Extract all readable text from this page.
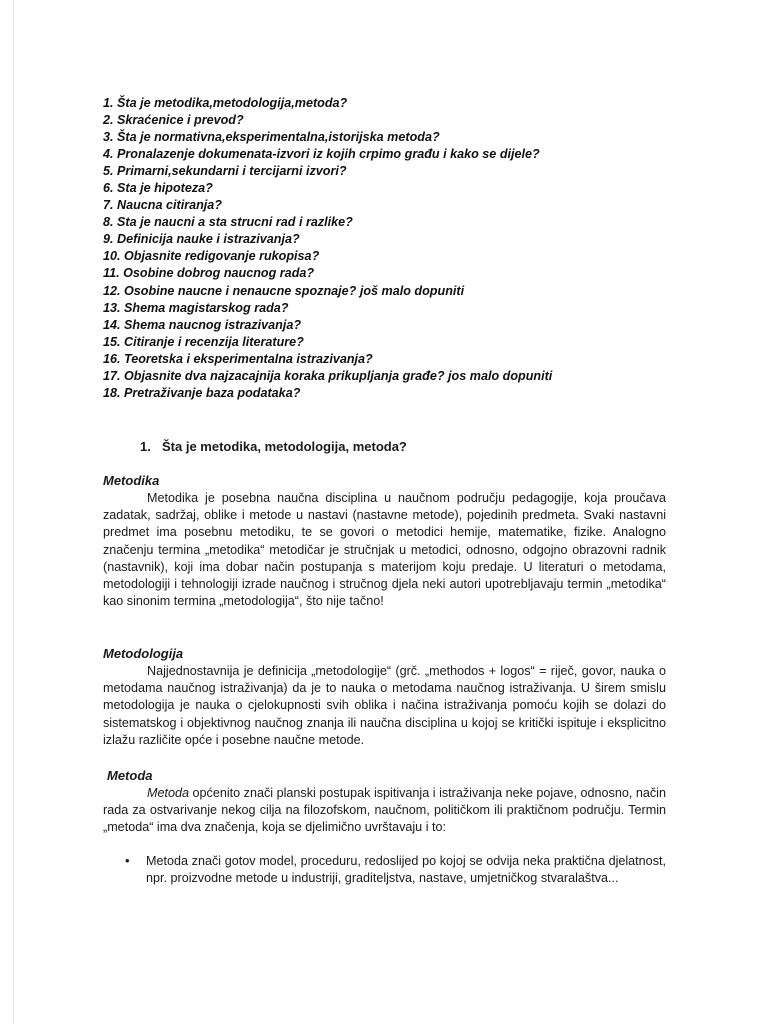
1. Šta je metodika,metodologija,metoda?
2. Skraćenice i prevod?
3. Šta je normativna,eksperimentalna,istorijska metoda?
4. Pronalazenje dokumenata-izvori iz kojih crpimo građu i kako se dijele?
5. Primarni,sekundarni i tercijarni izvori?
6. Sta je hipoteza?
7. Naucna citiranja?
8. Sta je naucni a sta strucni rad i razlike?
9. Definicija nauke i istrazivanja?
10. Objasnite redigovanje rukopisa?
11. Osobine dobrog naucnog rada?
12. Osobine naucne i nenaucne spoznaje? još malo dopuniti
13. Shema magistarskog rada?
14. Shema naucnog istrazivanja?
15. Citiranje i recenzija literature?
16. Teoretska i eksperimentalna istrazivanja?
17. Objasnite dva najzacajnija koraka prikupljanja građe? jos malo dopuniti
18. Pretraživanje baza podataka?
1. Šta je metodika, metodologija, metoda?
Metodika
Metodika je posebna naučna disciplina u naučnom području pedagogije, koja proučava zadatak, sadržaj, oblike i metode u nastavi (nastavne metode), pojedinih predmeta. Svaki nastavni predmet ima posebnu metodiku, te se govori o metodici hemije, matematike, fizike. Analogno značenju termina „metodika“ metodičar je stručnjak u metodici, odnosno, odgojno obrazovni radnik (nastavnik), koji ima dobar način postupanja s materijom koju predaje. U literaturi o metodama, metodologiji i tehnologiji izrade naučnog i stručnog djela neki autori upotrebljavaju termin „metodika“ kao sinonim termina „metodologija“, što nije tačno!
Metodologija
Najjednostavnija je definicija „metodologije“ (grč. „methodos + logos“ = riječ, govor, nauka o metodama naučnog istraživanja) da je to nauka o metodama naučnog istraživanja. U širem smislu metodologija je nauka o cjelokupnosti svih oblika i načina istraživanja pomoću kojih se dolazi do sistematskog i objektivnog naučnog znanja ili naučna disciplina u kojoj se kritički ispituje i eksplicitno izlažu različite opće i posebne naučne metode.
Metoda
Metoda općenito znači planski postupak ispitivanja i istraživanja neke pojave, odnosno, način rada za ostvarivanje nekog cilja na filozofskom, naučnom, političkom ili praktičnom području. Termin „metoda“ ima dva značenja, koja se djelimično uvrštavaju i to:
•	Metoda znači gotov model, proceduru, redoslijed po kojoj se odvija neka praktična djelatnost, npr. proizvodne metode u industriji, graditeljstva, nastave, umjetničkog stvaralaštva...
